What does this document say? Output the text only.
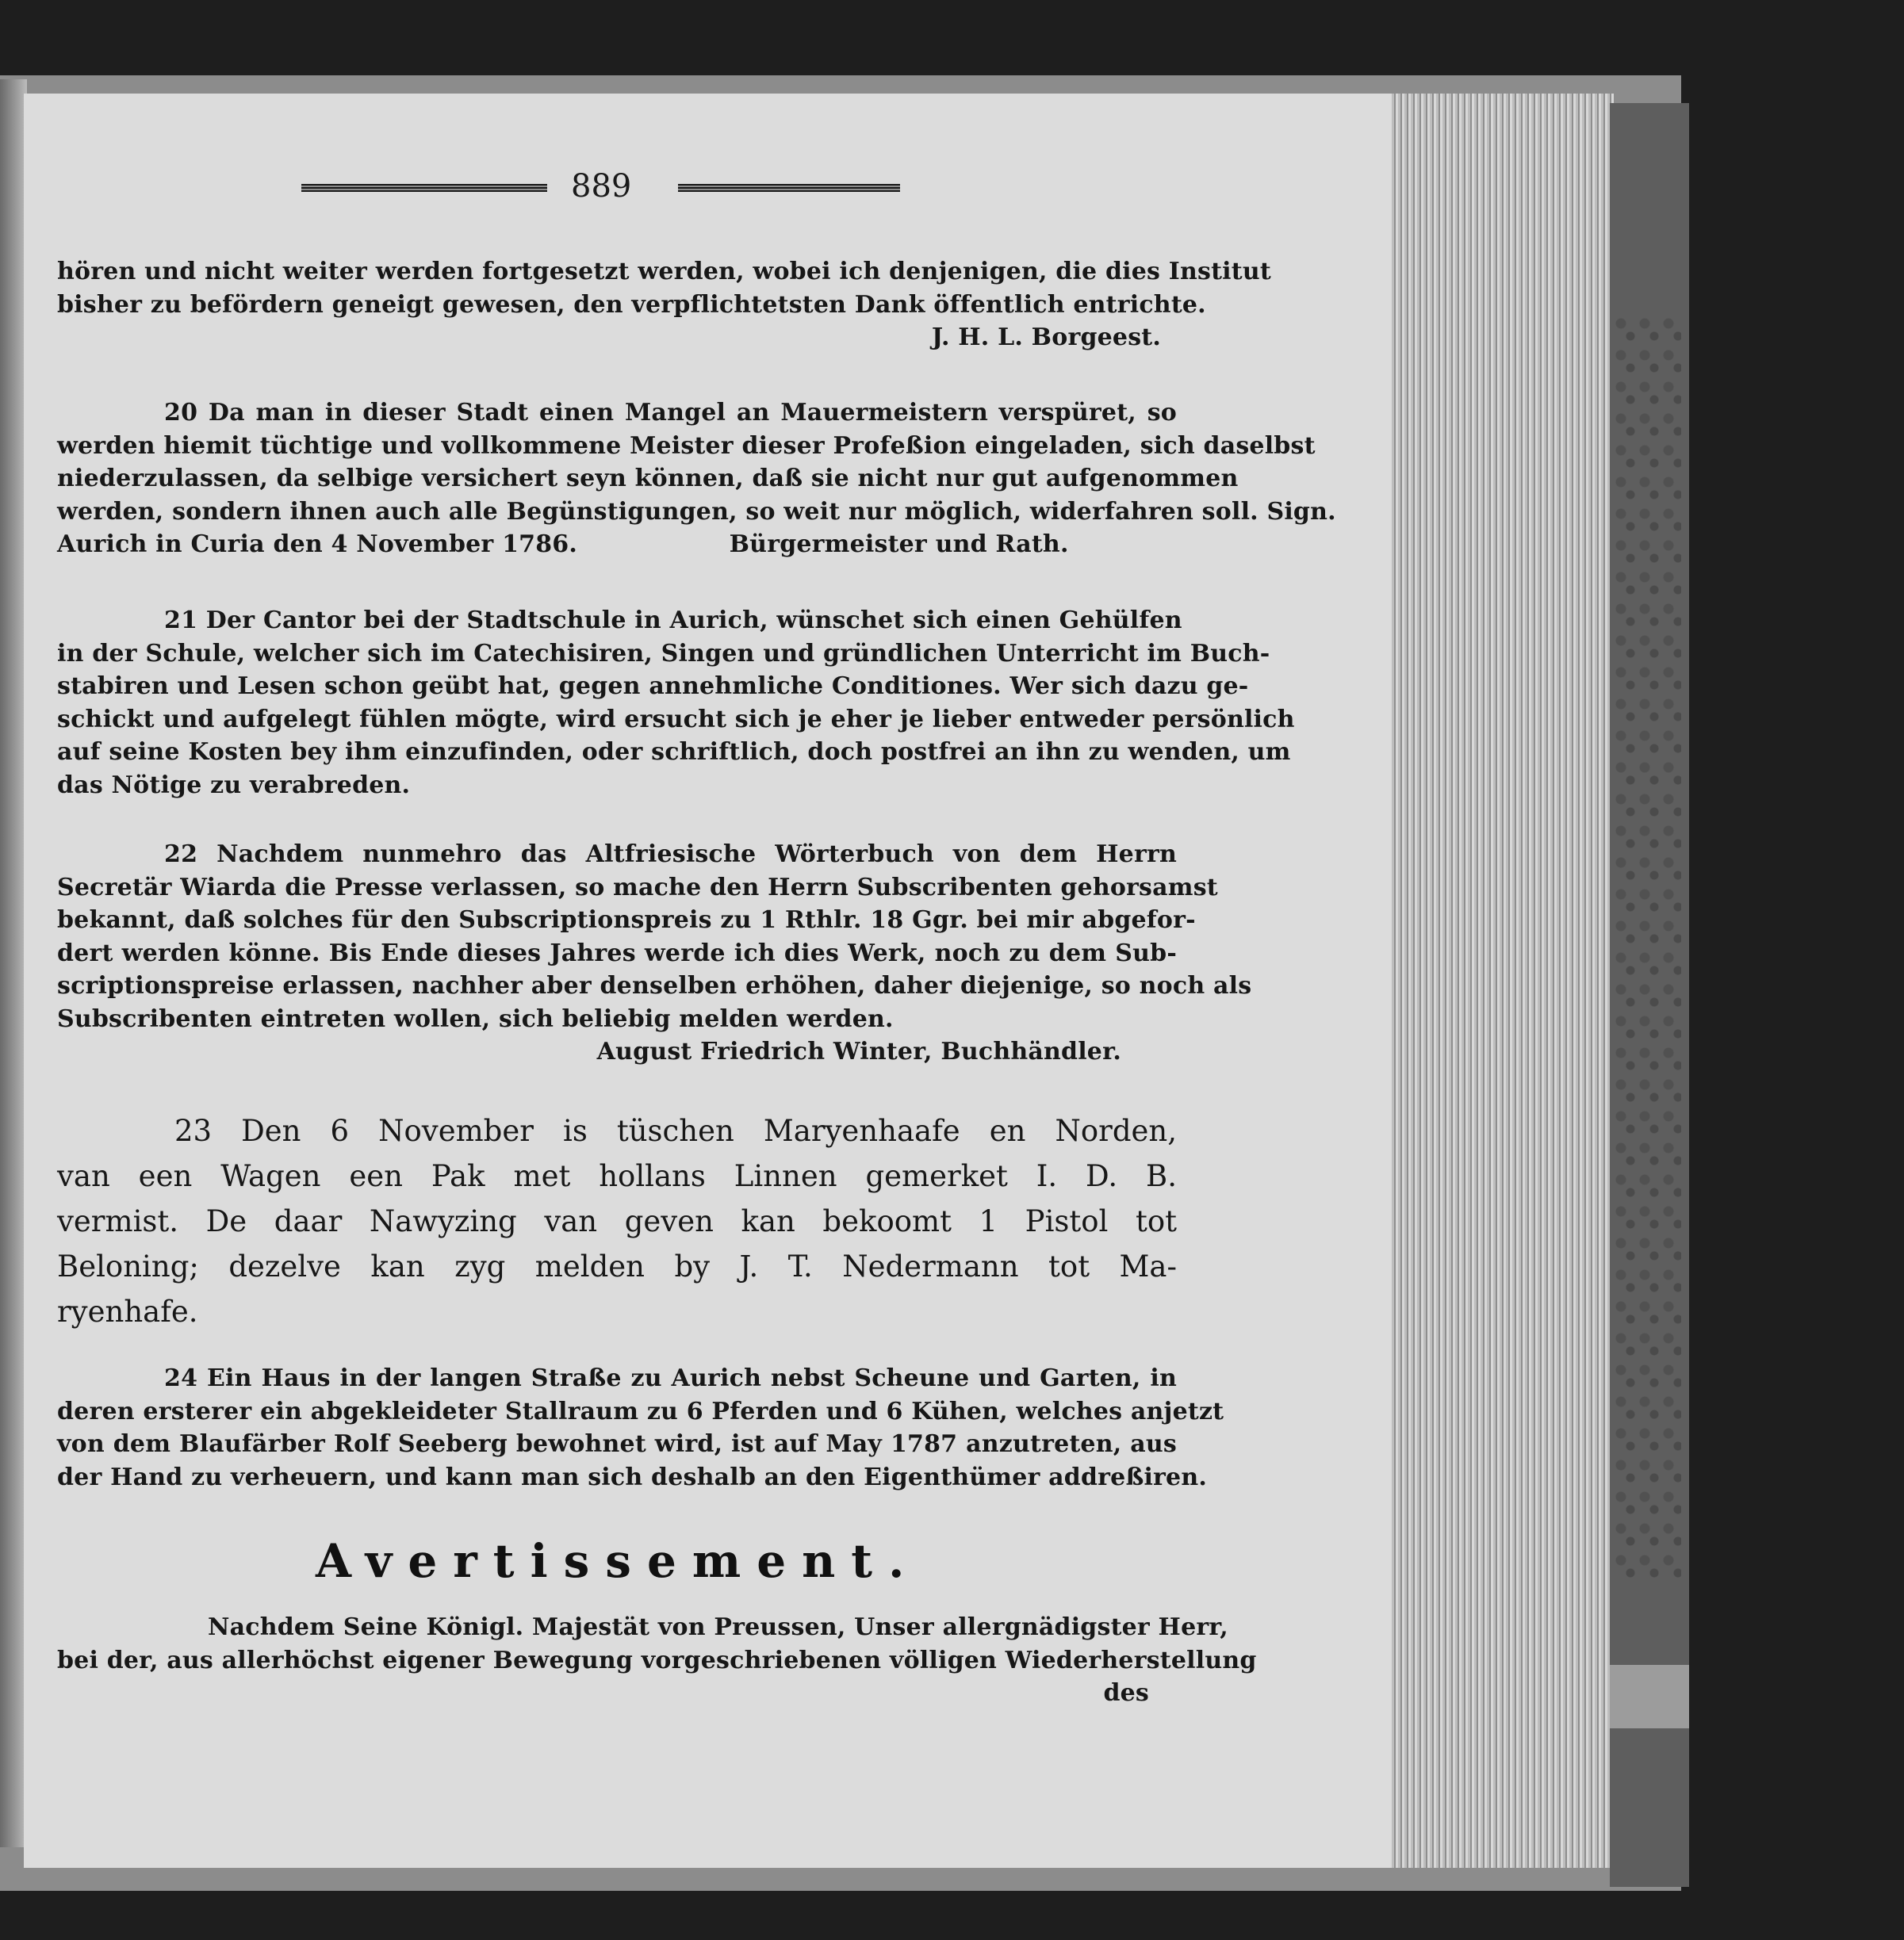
889
hören und nicht weiter werden fortgesetzt werden, wobei ich denjenigen, die dies Institut
bisher zu befördern geneigt gewesen, den verpflichtetsten Dank öffentlich entrichte.
J. H. L. Borgeest.
20 Da man in dieser Stadt einen Mangel an Mauermeistern verspüret, so
werden hiemit tüchtige und vollkommene Meister dieser Profeßion eingeladen, sich daselbst
niederzulassen, da selbige versichert seyn können, daß sie nicht nur gut aufgenommen
werden, sondern ihnen auch alle Begünstigungen, so weit nur möglich, widerfahren soll. Sign.
Aurich in Curia den 4 November 1786.                  Bürgermeister und Rath.
21 Der Cantor bei der Stadtschule in Aurich, wünschet sich einen Gehülfen
in der Schule, welcher sich im Catechisiren, Singen und gründlichen Unterricht im Buch-
stabiren und Lesen schon geübt hat, gegen annehmliche Conditiones. Wer sich dazu ge-
schickt und aufgelegt fühlen mögte, wird ersucht sich je eher je lieber entweder persönlich
auf seine Kosten bey ihm einzufinden, oder schriftlich, doch postfrei an ihn zu wenden, um
das Nötige zu verabreden.
22 Nachdem nunmehro das Altfriesische Wörterbuch von dem Herrn
Secretär Wiarda die Presse verlassen, so mache den Herrn Subscribenten gehorsamst
bekannt, daß solches für den Subscriptionspreis zu 1 Rthlr. 18 Ggr. bei mir abgefor-
dert werden könne. Bis Ende dieses Jahres werde ich dies Werk, noch zu dem Sub-
scriptionspreise erlassen, nachher aber denselben erhöhen, daher diejenige, so noch als
Subscribenten eintreten wollen, sich beliebig melden werden.
August Friedrich Winter, Buchhändler.
23 Den 6 November is tüschen Maryenhaafe en Norden,
van een Wagen een Pak met hollans Linnen gemerket I. D. B.
vermist. De daar Nawyzing van geven kan bekoomt 1 Pistol tot
Beloning; dezelve kan zyg melden by J. T. Nedermann tot Ma-
ryenhafe.
24 Ein Haus in der langen Straße zu Aurich nebst Scheune und Garten, in
deren ersterer ein abgekleideter Stallraum zu 6 Pferden und 6 Kühen, welches anjetzt
von dem Blaufärber Rolf Seeberg bewohnet wird, ist auf May 1787 anzutreten, aus
der Hand zu verheuern, und kann man sich deshalb an den Eigenthümer addreßiren.
Avertissement.
Nachdem Seine Königl. Majestät von Preussen, Unser allergnädigster Herr,
bei der, aus allerhöchst eigener Bewegung vorgeschriebenen völligen Wiederherstellung
des
